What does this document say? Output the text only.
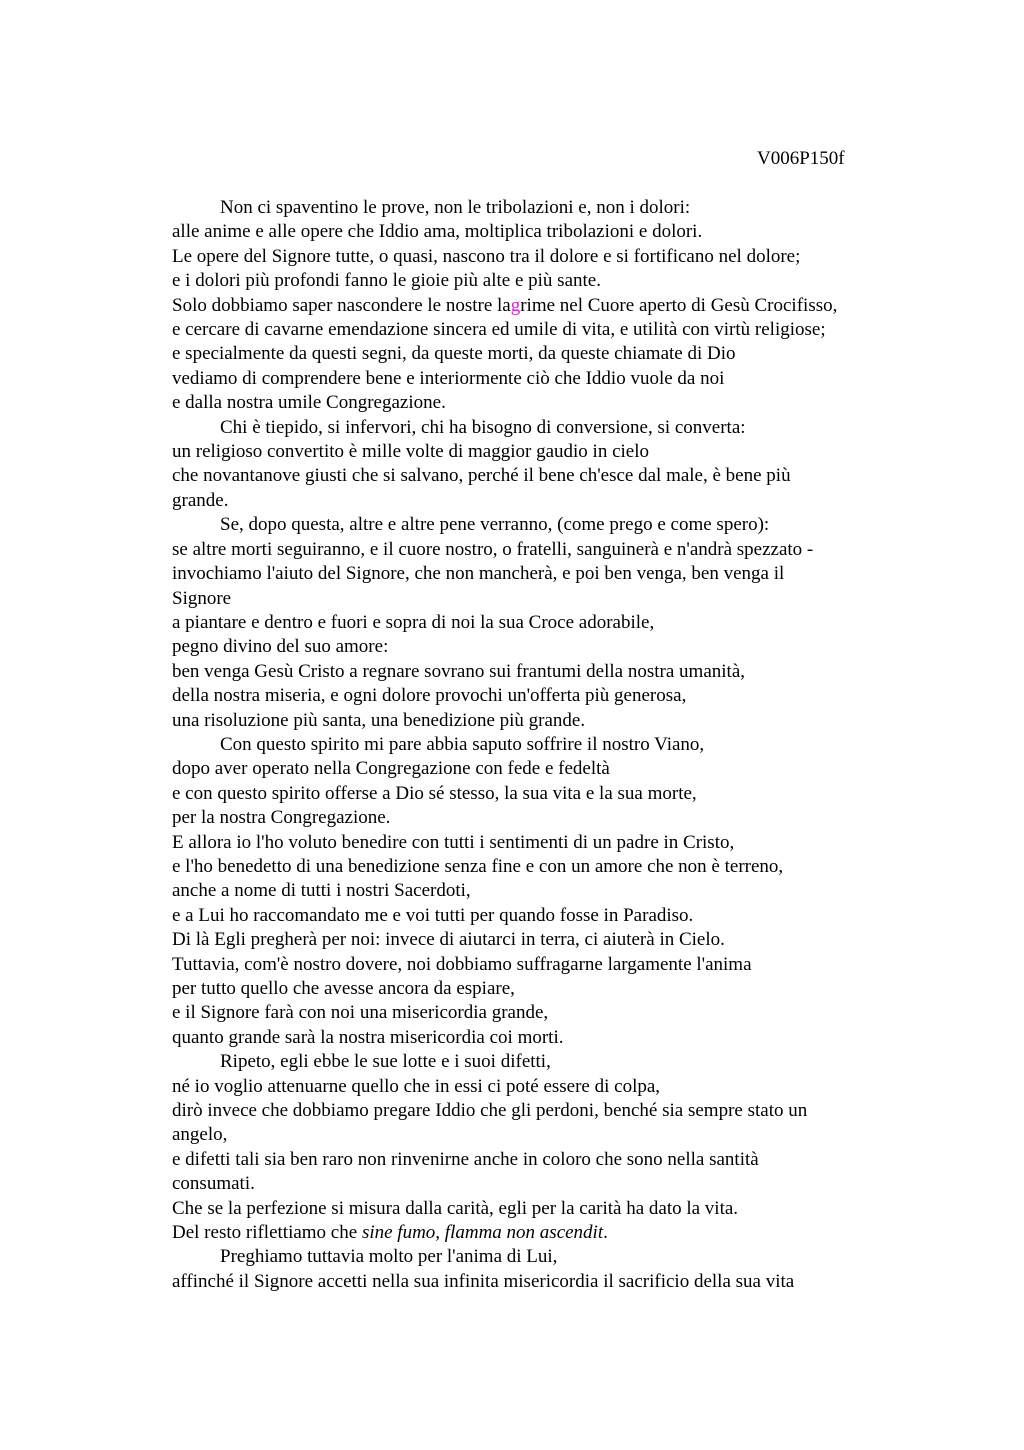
V006P150f
Non ci spaventino le prove, non le tribolazioni e, non i dolori:
alle anime e alle opere che Iddio ama, moltiplica tribolazioni e dolori.
Le opere del Signore tutte, o quasi, nascono tra il dolore e si fortificano nel dolore;
e i dolori più profondi fanno le gioie più alte e più sante.
Solo dobbiamo saper nascondere le nostre lagrime nel Cuore aperto di Gesù Crocifisso,
e cercare di cavarne emendazione sincera ed umile di vita, e utilità con virtù religiose;
e specialmente da questi segni, da queste morti, da queste chiamate di Dio
vediamo di comprendere bene e interiormente ciò che Iddio vuole da noi
e dalla nostra umile Congregazione.
Chi è tiepido, si infervori, chi ha bisogno di conversione, si converta:
un religioso convertito è mille volte di maggior gaudio in cielo
che novantanove giusti che si salvano, perché il bene ch'esce dal male, è bene più
grande.
Se, dopo questa, altre e altre pene verranno, (come prego e come spero):
se altre morti seguiranno, e il cuore nostro, o fratelli, sanguinerà e n'andrà spezzato -
invochiamo l'aiuto del Signore, che non mancherà, e poi ben venga, ben venga il
Signore
a piantare e dentro e fuori e sopra di noi la sua Croce adorabile,
pegno divino del suo amore:
ben venga Gesù Cristo a regnare sovrano sui frantumi della nostra umanità,
della nostra miseria, e ogni dolore provochi un'offerta più generosa,
una risoluzione più santa, una benedizione più grande.
Con questo spirito mi pare abbia saputo soffrire il nostro Viano,
dopo aver operato nella Congregazione con fede e fedeltà
e con questo spirito offerse a Dio sé stesso, la sua vita e la sua morte,
per la nostra Congregazione.
E allora io l'ho voluto benedire con tutti i sentimenti di un padre in Cristo,
e l'ho benedetto di una benedizione senza fine e con un amore che non è terreno,
anche a nome di tutti i nostri Sacerdoti,
e a Lui ho raccomandato me e voi tutti per quando fosse in Paradiso.
Di là Egli pregherà per noi: invece di aiutarci in terra, ci aiuterà in Cielo.
Tuttavia, com'è nostro dovere, noi dobbiamo suffragarne largamente l'anima
per tutto quello che avesse ancora da espiare,
e il Signore farà con noi una misericordia grande,
quanto grande sarà la nostra misericordia coi morti.
Ripeto, egli ebbe le sue lotte e i suoi difetti,
né io voglio attenuarne quello che in essi ci poté essere di colpa,
dirò invece che dobbiamo pregare Iddio che gli perdoni, benché sia sempre stato un
angelo,
e difetti tali sia ben raro non rinvenirne anche in coloro che sono nella santità
consumati.
Che se la perfezione si misura dalla carità, egli per la carità ha dato la vita.
Del resto riflettiamo che sine fumo, flamma non ascendit.
Preghiamo tuttavia molto per l'anima di Lui,
affinché il Signore accetti nella sua infinita misericordia il sacrificio della sua vita
